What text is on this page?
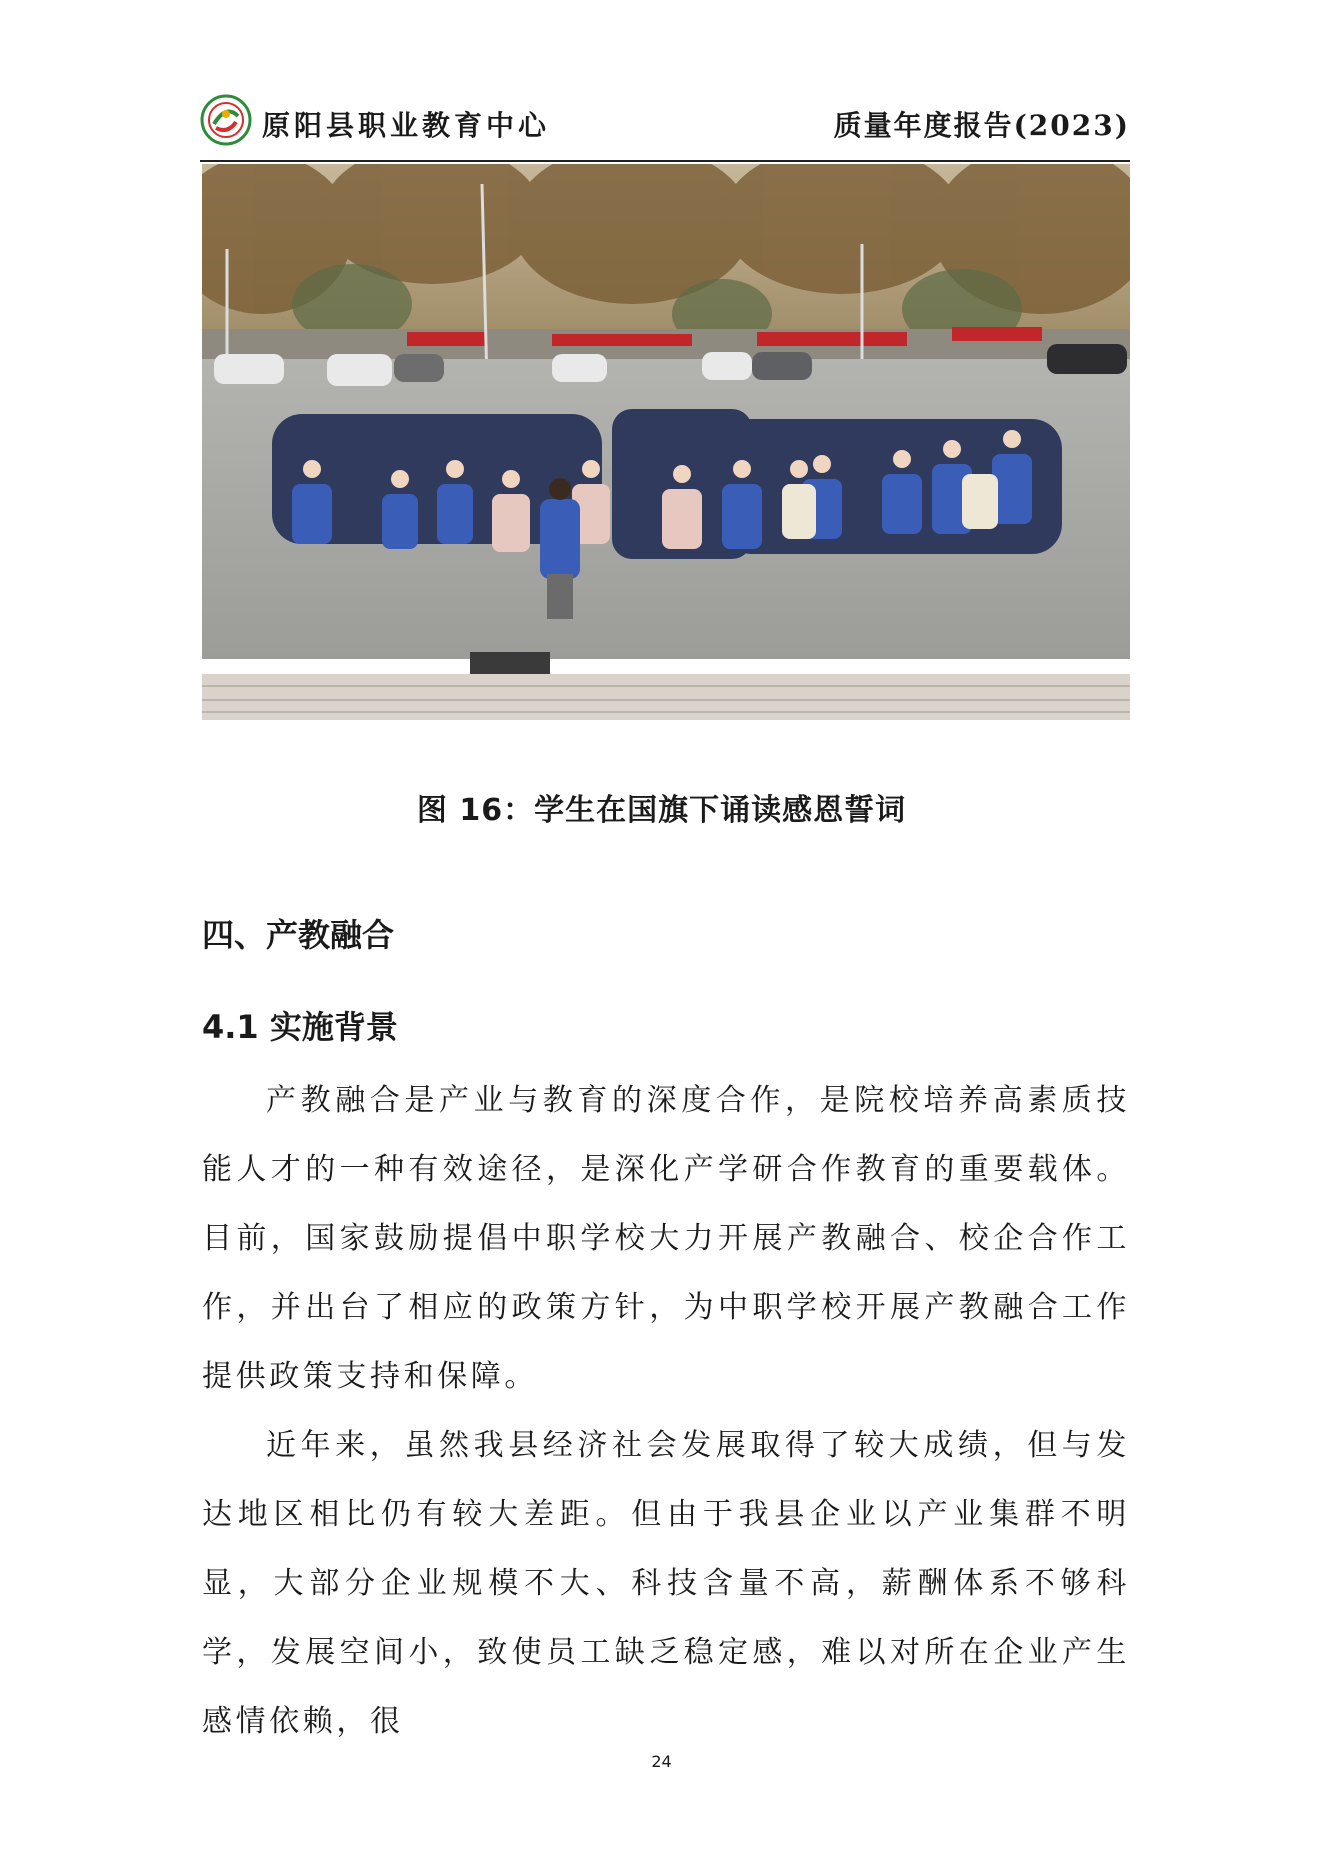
原阳县职业教育中心	质量年度报告(2023)
图 16：学生在国旗下诵读感恩誓词
四、产教融合
4.1 实施背景

产教融合是产业与教育的深度合作，是院校培养高素质技能人才的一种有效途径，是深化产学研合作教育的重要载体。目前，国家鼓励提倡中职学校大力开展产教融合、校企合作工作，并出台了相应的政策方针，为中职学校开展产教融合工作提供政策支持和保障。

近年来，虽然我县经济社会发展取得了较大成绩，但与发达地区相比仍有较大差距。但由于我县企业以产业集群不明显，大部分企业规模不大、科技含量不高，薪酬体系不够科学，发展空间小，致使员工缺乏稳定感，难以对所在企业产生感情依赖，很

24
